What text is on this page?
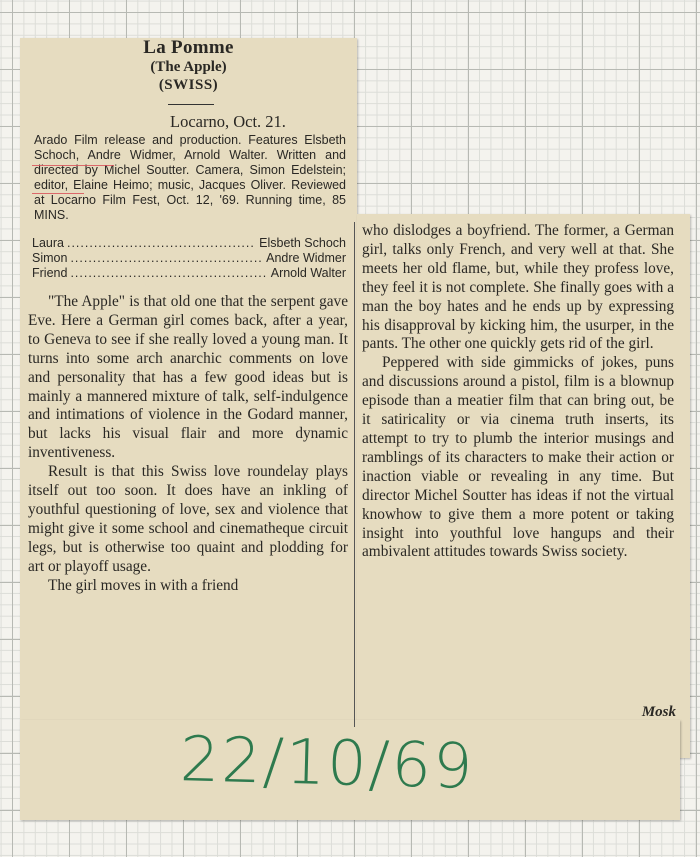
La Pomme
(The Apple)
(SWISS)
Locarno, Oct. 21.

Arado Film release and production. Features Elsbeth Schoch, Andre Widmer, Arnold Walter. Written and directed by Michel Soutter. Camera, Simon Edelstein; editor, Elaine Heimo; music, Jacques Oliver. Reviewed at Locarno Film Fest, Oct. 12, '69. Running time, 85 MINS.

Laura .....	Elsbeth Schoch
Simon .....	Andre Widmer
Friend .....	Arnold Walter

"The Apple" is that old one that the serpent gave Eve. Here a German girl comes back, after a year, to Geneva to see if she really loved a young man. It turns into some arch anarchic comments on love and personality that has a few good ideas but is mainly a mannered mixture of talk, self-indulgence and intimations of violence in the Godard manner, but lacks his visual flair and more dynamic inventiveness.

Result is that this Swiss love roundelay plays itself out too soon. It does have an inkling of youthful questioning of love, sex and violence that might give it some school and cinematheque circuit legs, but is otherwise too quaint and plodding for art or playoff usage.

The girl moves in with a friend

who dislodges a boyfriend. The former, a German girl, talks only French, and very well at that. She meets her old flame, but, while they profess love, they feel it is not complete. She finally goes with a man the boy hates and he ends up by expressing his disapproval by kicking him, the usurper, in the pants. The other one quickly gets rid of the girl.

Peppered with side gimmicks of jokes, puns and discussions around a pistol, film is a blownup episode than a meatier film that can bring out, be it satiricality or via cinema truth inserts, its attempt to try to plumb the interior musings and ramblings of its characters to make their action or inaction viable or revealing in any time. But director Michel Soutter has ideas if not the virtual knowhow to give them a more potent or taking insight into youthful love hangups and their ambivalent attitudes towards Swiss society.

Mosk
22/10/69
